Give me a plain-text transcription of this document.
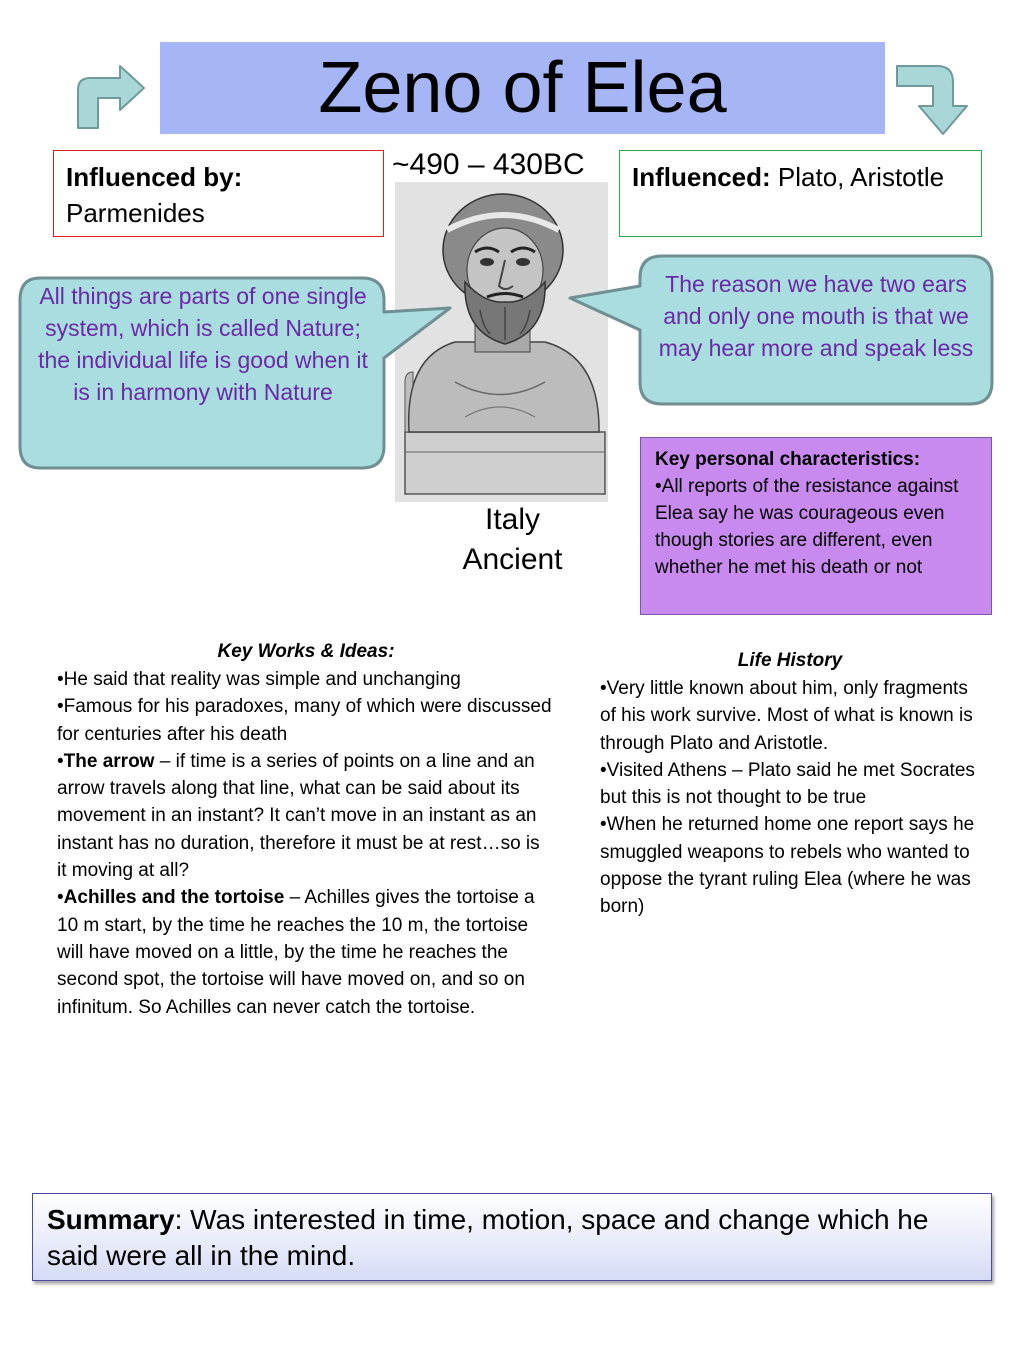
Zeno of Elea
Influenced by:
Parmenides
~490 – 430BC	Influenced: Plato, Aristotle
All things are parts of one single system, which is called Nature; the individual life is good when it is in harmony with Nature
The reason we have two ears and only one mouth is that we may hear more and speak less
Italy
Ancient
Key personal characteristics:
•All reports of the resistance against Elea say he was courageous even though stories are different, even whether he met his death or not
Key Works & Ideas:

•He said that reality was simple and unchanging

•Famous for his paradoxes, many of which were discussed for centuries after his death

•The arrow – if time is a series of points on a line and an arrow travels along that line, what can be said about its movement in an instant? It can’t move in an instant as an instant has no duration, therefore it must be at rest…so is it moving at all?

•Achilles and the tortoise – Achilles gives the tortoise a 10 m start, by the time he reaches the 10 m, the tortoise will have moved on a little, by the time he reaches the second spot, the tortoise will have moved on, and so on infinitum. So Achilles can never catch the tortoise.

Life History

•Very little known about him, only fragments of his work survive. Most of what is known is through Plato and Aristotle.

•Visited Athens – Plato said he met Socrates but this is not thought to be true

•When he returned home one report says he smuggled weapons to rebels who wanted to oppose the tyrant ruling Elea (where he was born)

Summary: Was interested in time, motion, space and change which he said were all in the mind.
